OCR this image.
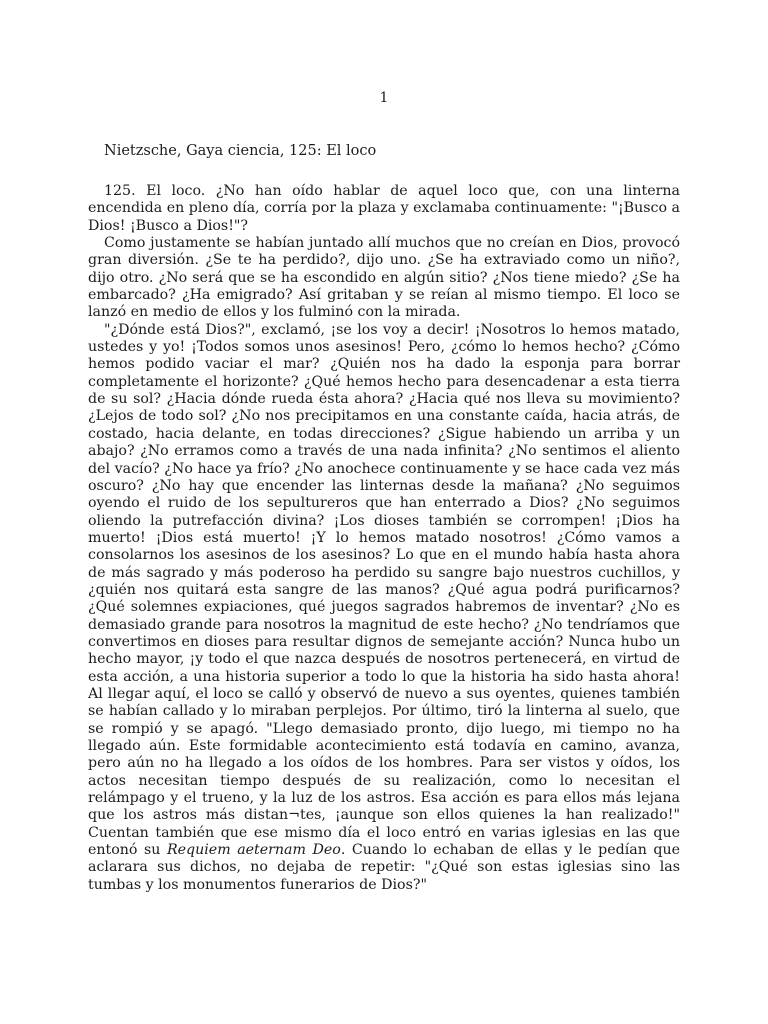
1
Nietzsche, Gaya ciencia, 125: El loco

125. El loco. ¿No han oído hablar de aquel loco que, con una linterna encendida en pleno día, corría por la plaza y exclamaba continuamente: "¡Busco a Dios! ¡Busco a Dios!"?

Como justamente se habían juntado allí muchos que no creían en Dios, provocó gran diversión. ¿Se te ha perdido?, dijo uno. ¿Se ha extraviado como un niño?, dijo otro. ¿No será que se ha escondido en algún sitio? ¿Nos tiene miedo? ¿Se ha embarcado? ¿Ha emigrado? Así gritaban y se reían al mismo tiempo. El loco se lanzó en medio de ellos y los fulminó con la mirada.

"¿Dónde está Dios?", exclamó, ¡se los voy a decir! ¡Nosotros lo hemos matado, ustedes y yo! ¡Todos somos unos asesinos! Pero, ¿cómo lo hemos hecho? ¿Cómo hemos podido vaciar el mar? ¿Quién nos ha dado la esponja para borrar completamente el horizonte? ¿Qué hemos hecho para desencadenar a esta tierra de su sol? ¿Hacia dónde rueda ésta ahora? ¿Hacia qué nos lleva su movimiento? ¿Lejos de todo sol? ¿No nos precipitamos en una constante caída, hacia atrás, de costado, hacia delante, en todas direcciones? ¿Sigue habiendo un arriba y un abajo? ¿No erramos como a través de una nada infinita? ¿No sentimos el aliento del vacío? ¿No hace ya frío? ¿No anochece continuamente y se hace cada vez más oscuro? ¿No hay que encender las linternas desde la mañana? ¿No seguimos oyendo el ruido de los sepultureros que han enterrado a Dios? ¿No seguimos oliendo la putrefacción divina? ¡Los dioses también se corrompen! ¡Dios ha muerto! ¡Dios está muerto! ¡Y lo hemos matado nosotros! ¿Cómo vamos a consolarnos los asesinos de los asesinos? Lo que en el mundo había hasta ahora de más sagrado y más poderoso ha perdido su sangre bajo nuestros cuchillos, y ¿quién nos quitará esta sangre de las manos? ¿Qué agua podrá purificarnos? ¿Qué solemnes expiaciones, qué juegos sagrados habremos de inventar? ¿No es demasiado grande para nosotros la magnitud de este hecho? ¿No tendríamos que convertimos en dioses para resultar dignos de semejante acción? Nunca hubo un hecho mayor, ¡y todo el que nazca después de nosotros pertenecerá, en virtud de esta acción, a una historia superior a todo lo que la historia ha sido hasta ahora! Al llegar aquí, el loco se calló y observó de nuevo a sus oyentes, quienes también se habían callado y lo miraban perplejos. Por último, tiró la linterna al suelo, que se rompió y se apagó. "Llego demasiado pronto, dijo luego, mi tiempo no ha llegado aún. Este formidable acontecimiento está todavía en camino, avanza, pero aún no ha llegado a los oídos de los hombres. Para ser vistos y oídos, los actos necesitan tiempo después de su realización, como lo necesitan el relámpago y el trueno, y la luz de los astros. Esa acción es para ellos más lejana que los astros más distan¬tes, ¡aunque son ellos quienes la han realizado!" Cuentan también que ese mismo día el loco entró en varias iglesias en las que entonó su Requiem aeternam Deo. Cuando lo echaban de ellas y le pedían que aclarara sus dichos, no dejaba de repetir: "¿Qué son estas iglesias sino las tumbas y los monumentos funerarios de Dios?"
